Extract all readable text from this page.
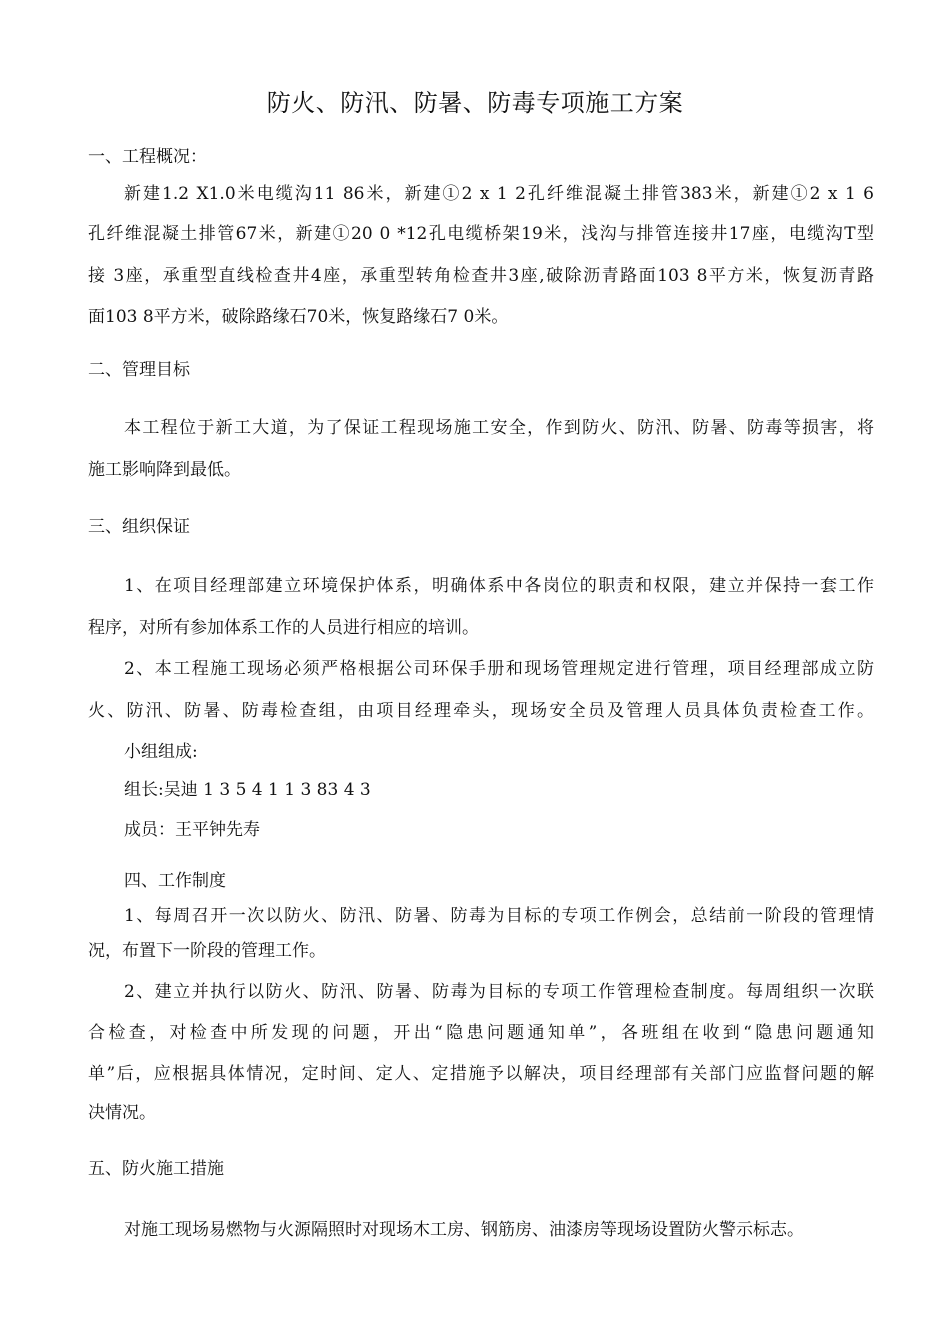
防火、防汛、防暑、防毒专项施工方案
一、工程概况：
新建1.2 X1.0米电缆沟11 86米，新建①2 x 1 2孔纤维混凝土排管383米，新建①2 x 1 6
孔纤维混凝土排管67米，新建①20 0 *12孔电缆桥架19米，浅沟与排管连接井17座，电缆沟T型
接 3座，承重型直线检查井4座，承重型转角检查井3座,破除沥青路面103 8平方米，恢复沥青路
面103 8平方米，破除路缘石70米，恢复路缘石7 0米。
二、管理目标
本工程位于新工大道，为了保证工程现场施工安全，作到防火、防汛、防暑、防毒等损害，将
施工影响降到最低。
三、组织保证
1、在项目经理部建立环境保护体系，明确体系中各岗位的职责和权限，建立并保持一套工作
程序，对所有参加体系工作的人员进行相应的培训。
2、本工程施工现场必须严格根据公司环保手册和现场管理规定进行管理，项目经理部成立防
火、防汛、防暑、防毒检查组，由项目经理牵头，现场安全员及管理人员具体负责检查工作。
小组组成:
组长:吴迪 1 3 5 4 1 1 3 83 4 3
成员：王平钟先寿
四、工作制度
1、每周召开一次以防火、防汛、防暑、防毒为目标的专项工作例会，总结前一阶段的管理情
况，布置下一阶段的管理工作。
2、建立并执行以防火、防汛、防暑、防毒为目标的专项工作管理检查制度。每周组织一次联
合检查，对检查中所发现的问题，开出“隐患问题通知单”，各班组在收到“隐患问题通知
单”后，应根据具体情况，定时间、定人、定措施予以解决，项目经理部有关部门应监督问题的解
决情况。
五、防火施工措施
对施工现场易燃物与火源隔照时对现场木工房、钢筋房、油漆房等现场设置防火警示标志。
